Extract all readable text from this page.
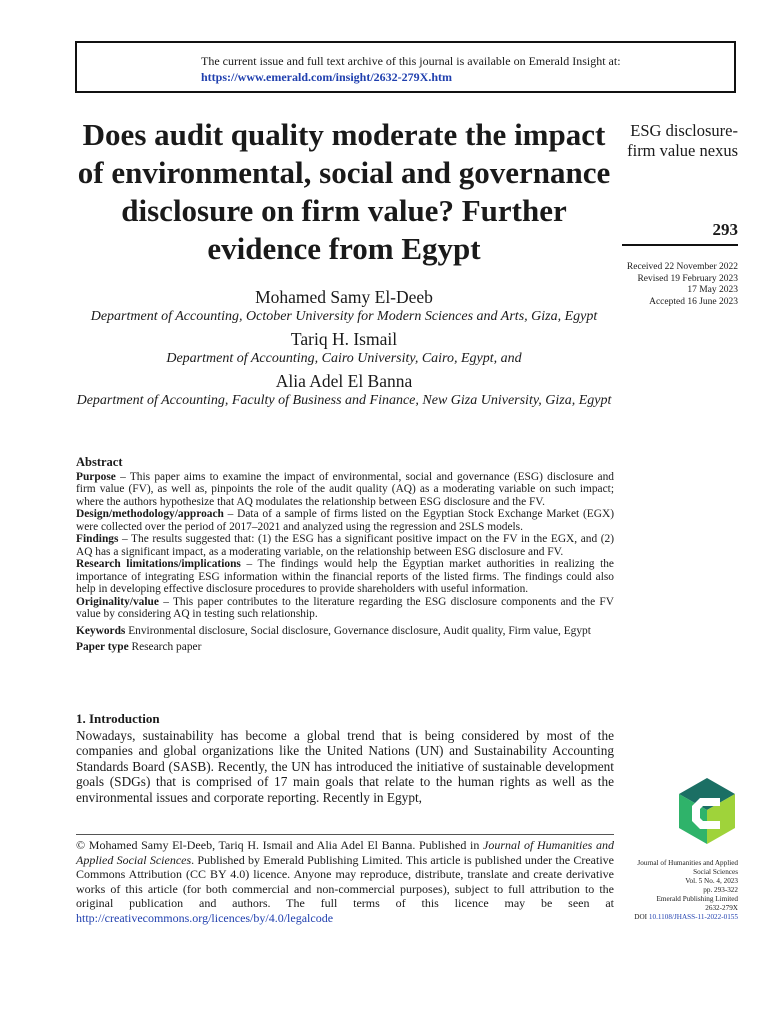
The current issue and full text archive of this journal is available on Emerald Insight at:
https://www.emerald.com/insight/2632-279X.htm
Does audit quality moderate the impact of environmental, social and governance disclosure on firm value? Further evidence from Egypt

Mohamed Samy El-Deeb

Department of Accounting, October University for Modern Sciences and Arts, Giza, Egypt

Tariq H. Ismail

Department of Accounting, Cairo University, Cairo, Egypt, and

Alia Adel El Banna

Department of Accounting, Faculty of Business and Finance, New Giza University, Giza, Egypt

ESG disclosure- firm value nexus
293
Received 22 November 2022
Revised 19 February 2023
17 May 2023
Accepted 16 June 2023
Abstract

Purpose – This paper aims to examine the impact of environmental, social and governance (ESG) disclosure and firm value (FV), as well as, pinpoints the role of the audit quality (AQ) as a moderating variable on such impact; where the authors hypothesize that AQ modulates the relationship between ESG disclosure and the FV.

Design/methodology/approach – Data of a sample of firms listed on the Egyptian Stock Exchange Market (EGX) were collected over the period of 2017–2021 and analyzed using the regression and 2SLS models.

Findings – The results suggested that: (1) the ESG has a significant positive impact on the FV in the EGX, and (2) AQ has a significant impact, as a moderating variable, on the relationship between ESG disclosure and FV.

Research limitations/implications – The findings would help the Egyptian market authorities in realizing the importance of integrating ESG information within the financial reports of the listed firms. The findings could also help in developing effective disclosure procedures to provide shareholders with useful information.

Originality/value – This paper contributes to the literature regarding the ESG disclosure components and the FV value by considering AQ in testing such relationship.

Keywords Environmental disclosure, Social disclosure, Governance disclosure, Audit quality, Firm value, Egypt

Paper type Research paper

1. Introduction

Nowadays, sustainability has become a global trend that is being considered by most of the companies and global organizations like the United Nations (UN) and Sustainability Accounting Standards Board (SASB). Recently, the UN has introduced the initiative of sustainable development goals (SDGs) that is comprised of 17 main goals that relate to the human rights as well as the environmental issues and corporate reporting. Recently in Egypt,

© Mohamed Samy El-Deeb, Tariq H. Ismail and Alia Adel El Banna. Published in Journal of Humanities and Applied Social Sciences. Published by Emerald Publishing Limited. This article is published under the Creative Commons Attribution (CC BY 4.0) licence. Anyone may reproduce, distribute, translate and create derivative works of this article (for both commercial and non-commercial purposes), subject to full attribution to the original publication and authors. The full terms of this licence may be seen at http://creativecommons.org/licences/by/4.0/legalcode

Journal of Humanities and Applied
Social Sciences
Vol. 5 No. 4, 2023
pp. 293-322
Emerald Publishing Limited
2632-279X
DOI 10.1108/JHASS-11-2022-0155
